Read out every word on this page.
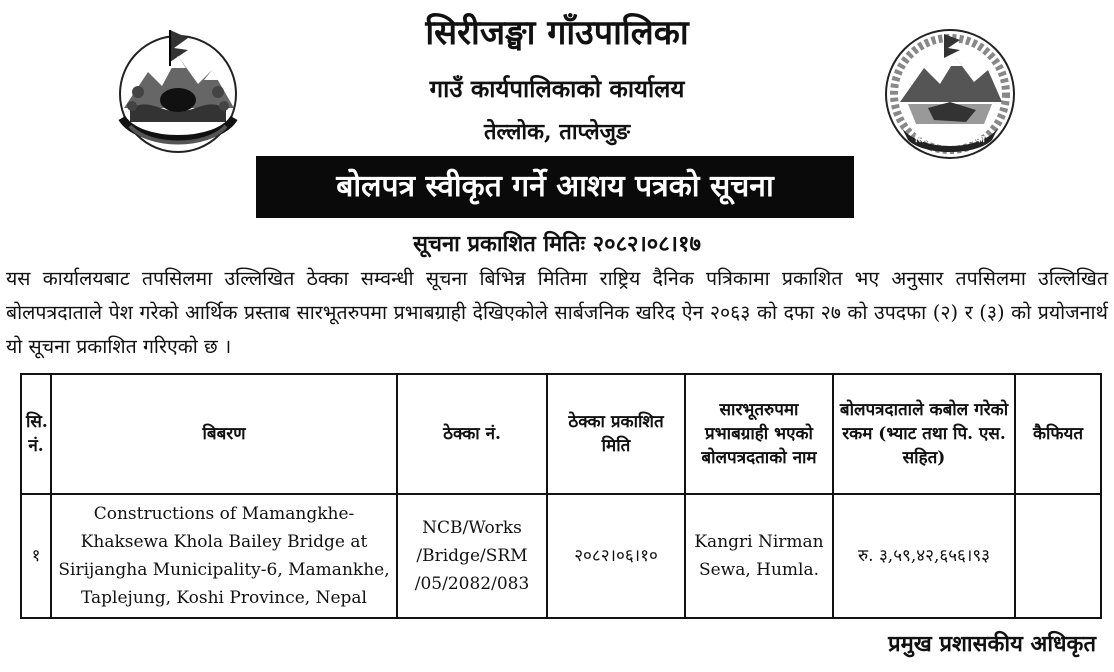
सिरीजङ्घा गाउँपालिका
सिरीजङ्घा गाँउपालिका
गाउँ कार्यपालिकाको कार्यालय
तेल्लोक, ताप्लेजुङ
बोलपत्र स्वीकृत गर्ने आशय पत्रको सूचना
सूचना प्रकाशित मितिः २०८२।०८।१७
यस कार्यालयबाट तपसिलमा उल्लिखित ठेक्का सम्वन्धी सूचना बिभिन्न मितिमा राष्ट्रिय दैनिक पत्रिकामा प्रकाशित भए अनुसार तपसिलमा उल्लिखित बोलपत्रदाताले पेश गरेको आर्थिक प्रस्ताब सारभूतरुपमा प्रभाबग्राही देखिएकोले सार्बजनिक खरिद ऐन २०६३ को दफा २७ को उपदफा (२) र (३) को प्रयोजनार्थ यो सूचना प्रकाशित गरिएको छ ।
सि. नं.	बिबरण	ठेक्का नं.	ठेक्का प्रकाशित मिति	सारभूतरुपमा प्रभाबग्राही भएको बोलपत्रदताको नाम	बोलपत्रदाताले कबोल गरेको रकम (भ्याट तथा पि. एस. सहित)	कैफियत
१	Constructions of Mamangkhe-Khaksewa Khola Bailey Bridge at Sirijangha Municipality-6, Mamankhe, Taplejung, Koshi Province, Nepal	NCB/Works /Bridge/SRM /05/2082/083	२०८२।०६।१०	Kangri Nirman Sewa, Humla.	रु. ३,५९,४२,६५६।९३	
प्रमुख प्रशासकीय अधिकृत
